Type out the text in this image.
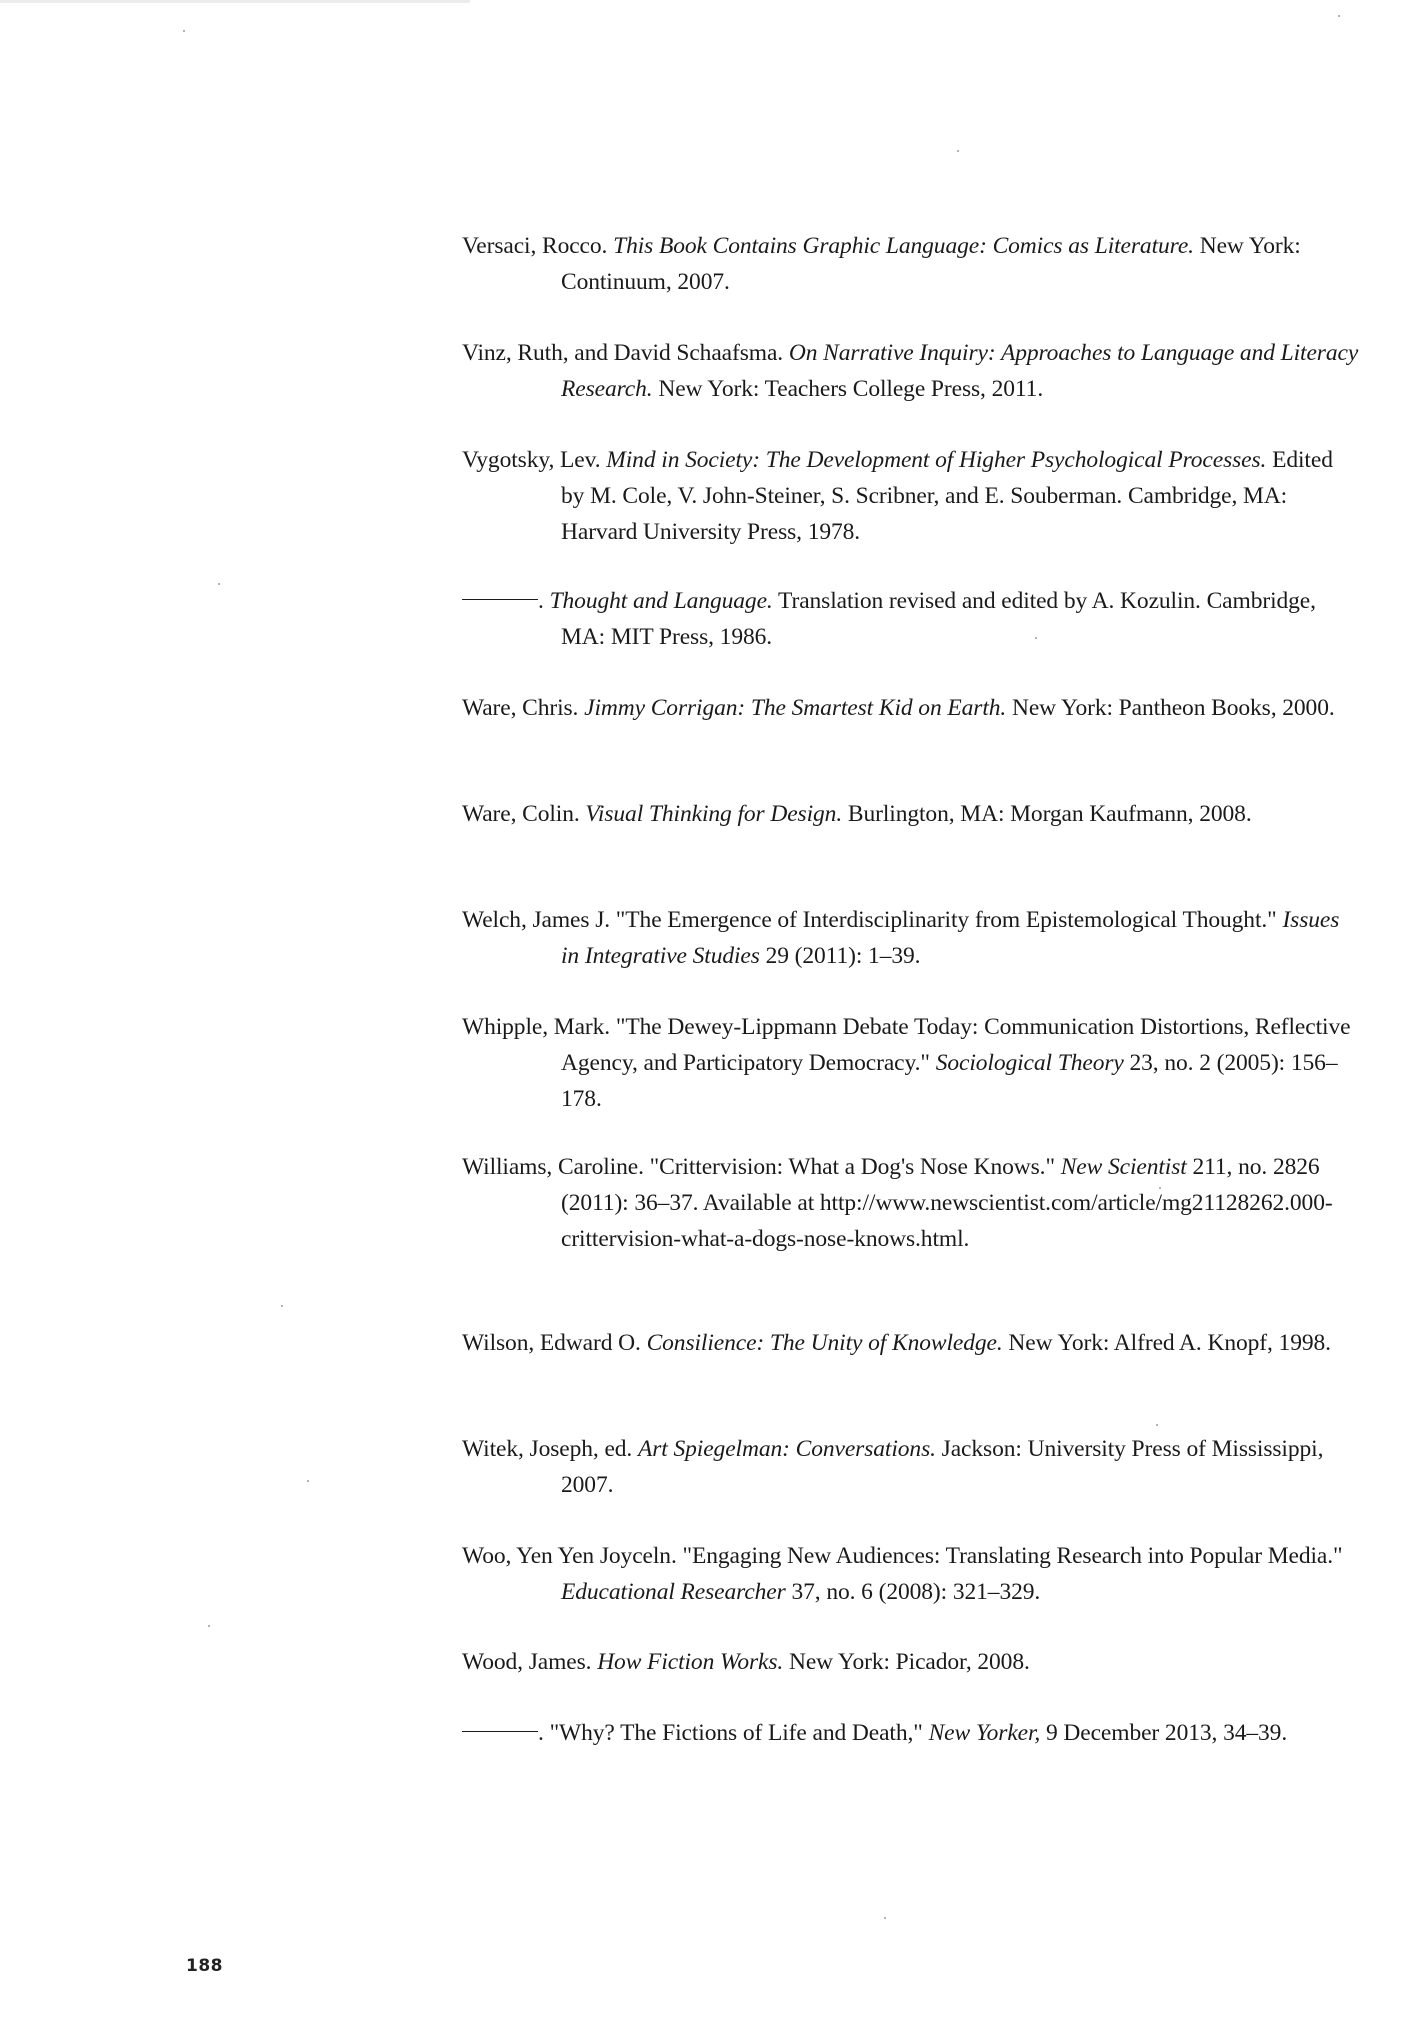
Versaci, Rocco. This Book Contains Graphic Language: Comics as Literature. New York: Continuum, 2007.
Vinz, Ruth, and David Schaafsma. On Narrative Inquiry: Approaches to Language and Literacy Research. New York: Teachers College Press, 2011.
Vygotsky, Lev. Mind in Society: The Development of Higher Psychological Processes. Edited by M. Cole, V. John-Steiner, S. Scribner, and E. Souberman. Cambridge, MA: Harvard University Press, 1978.
. Thought and Language. Translation revised and edited by A. Kozulin. Cambridge, MA: MIT Press, 1986.
Ware, Chris. Jimmy Corrigan: The Smartest Kid on Earth. New York: Pantheon Books, 2000.
Ware, Colin. Visual Thinking for Design. Burlington, MA: Morgan Kaufmann, 2008.
Welch, James J. "The Emergence of Interdisciplinarity from Epistemological Thought." Issues in Integrative Studies 29 (2011): 1–39.
Whipple, Mark. "The Dewey-Lippmann Debate Today: Communication Distortions, Reflective Agency, and Participatory Democracy." Sociological Theory 23, no. 2 (2005): 156–178.
Williams, Caroline. "Crittervision: What a Dog's Nose Knows." New Scientist 211, no. 2826 (2011): 36–37. Available at http://www.newscientist.com/article/mg21128262.000-crittervision-what-a-dogs-nose-knows.html.
Wilson, Edward O. Consilience: The Unity of Knowledge. New York: Alfred A. Knopf, 1998.
Witek, Joseph, ed. Art Spiegelman: Conversations. Jackson: University Press of Mississippi, 2007.
Woo, Yen Yen Joyceln. "Engaging New Audiences: Translating Research into Popular Media." Educational Researcher 37, no. 6 (2008): 321–329.
Wood, James. How Fiction Works. New York: Picador, 2008.
. "Why? The Fictions of Life and Death," New Yorker, 9 December 2013, 34–39.
188
